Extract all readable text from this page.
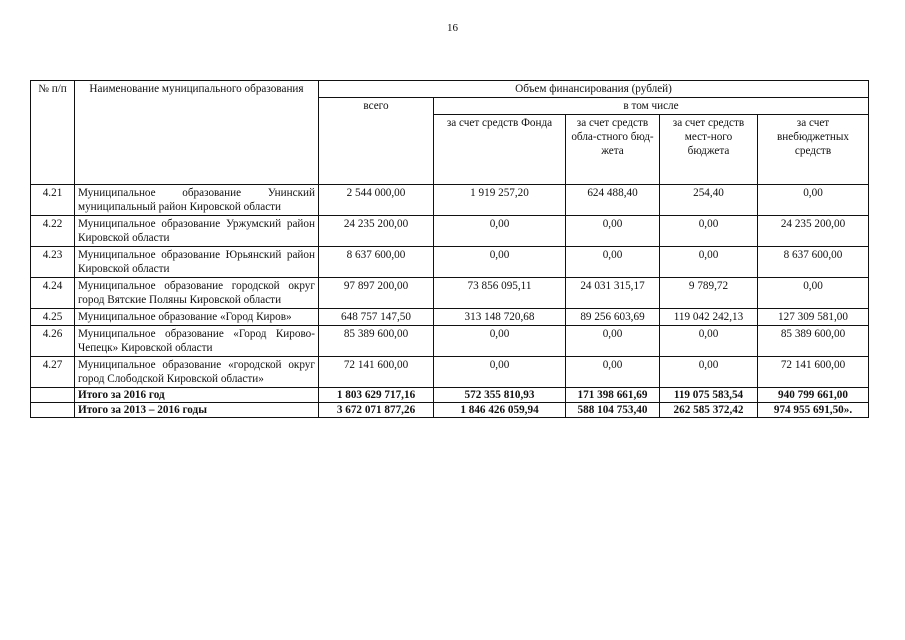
16
№ п/п	Наименование муниципального образования	Объем финансирования (рублей)				
		всего	в том числе			
			за счет средств Фонда	за счет средств обла-стного бюд-жета	за счет средств мест-ного бюджета	за счет внебюджетных средств
4.21	Муниципальное образование Унинский муниципальный район Кировской области	2 544 000,00	1 919 257,20	624 488,40	254,40	0,00
4.22	Муниципальное образование Уржумский район Кировской области	24 235 200,00	0,00	0,00	0,00	24 235 200,00
4.23	Муниципальное образование Юрьянский район Кировской области	8 637 600,00	0,00	0,00	0,00	8 637 600,00
4.24	Муниципальное образование городской округ город Вятские Поляны Кировской области	97 897 200,00	73 856 095,11	24 031 315,17	9 789,72	0,00
4.25	Муниципальное образование «Город Киров»	648 757 147,50	313 148 720,68	89 256 603,69	119 042 242,13	127 309 581,00
4.26	Муниципальное образование «Город Кирово-Чепецк» Кировской области	85 389 600,00	0,00	0,00	0,00	85 389 600,00
4.27	Муниципальное образование «городской округ город Слободской Кировской области»	72 141 600,00	0,00	0,00	0,00	72 141 600,00
	Итого за 2016 год	1 803 629 717,16	572 355 810,93	171 398 661,69	119 075 583,54	940 799 661,00
	Итого за 2013 – 2016 годы	3 672 071 877,26	1 846 426 059,94	588 104 753,40	262 585 372,42	974 955 691,50».
